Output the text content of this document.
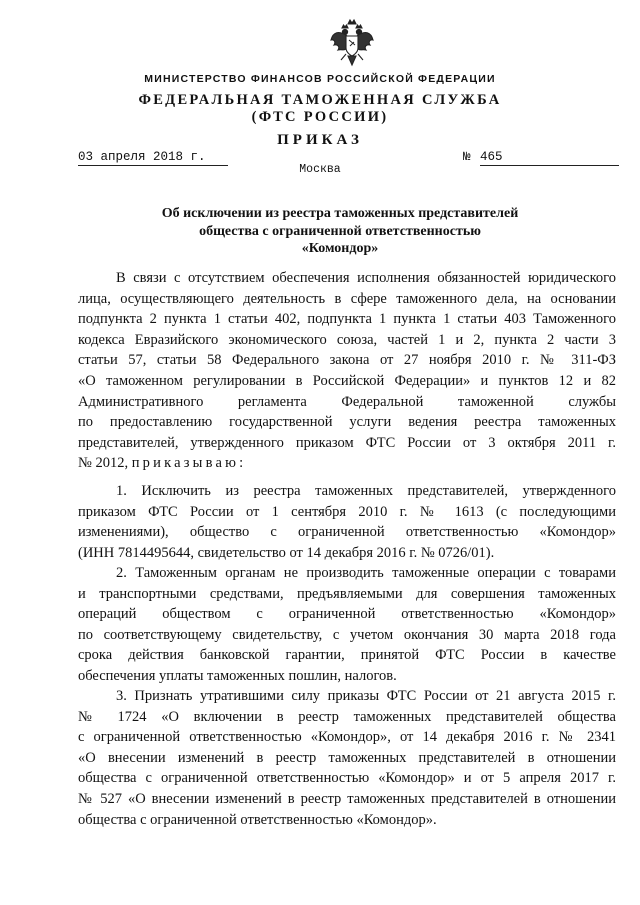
МИНИСТЕРСТВО ФИНАНСОВ РОССИЙСКОЙ ФЕДЕРАЦИИ
ФЕДЕРАЛЬНАЯ ТАМОЖЕННАЯ СЛУЖБА
(ФТС РОССИИ)
ПРИКАЗ
03 апреля 2018 г.	№ 465
Москва
Об исключении из реестра таможенных представителей
общества с ограниченной ответственностью
«Комондор»
В связи с отсутствием обеспечения исполнения обязанностей юридического
лица, осуществляющего деятельность в сфере таможенного дела, на основании
подпункта 2 пункта 1 статьи 402, подпункта 1 пункта 1 статьи 403 Таможенного
кодекса Евразийского экономического союза, частей 1 и 2, пункта 2 части 3
статьи 57, статьи 58 Федерального закона от 27 ноября 2010 г. № 311-ФЗ
«О таможенном регулировании в Российской Федерации» и пунктов 12 и 82
Административного регламента Федеральной таможенной службы
по предоставлению государственной услуги ведения реестра таможенных
представителей, утвержденного приказом ФТС России от 3 октября 2011 г.
№ 2012, приказываю:
1. Исключить из реестра таможенных представителей, утвержденного
приказом ФТС России от 1 сентября 2010 г. № 1613 (с последующими
изменениями), общество с ограниченной ответственностью «Комондор»
(ИНН 7814495644, свидетельство от 14 декабря 2016 г. № 0726/01).
2. Таможенным органам не производить таможенные операции с товарами
и транспортными средствами, предъявляемыми для совершения таможенных
операций обществом с ограниченной ответственностью «Комондор»
по соответствующему свидетельству, с учетом окончания 30 марта 2018 года
срока действия банковской гарантии, принятой ФТС России в качестве
обеспечения уплаты таможенных пошлин, налогов.
3. Признать утратившими силу приказы ФТС России от 21 августа 2015 г.
№ 1724 «О включении в реестр таможенных представителей общества
с ограниченной ответственностью «Комондор», от 14 декабря 2016 г. № 2341
«О внесении изменений в реестр таможенных представителей в отношении
общества с ограниченной ответственностью «Комондор» и от 5 апреля 2017 г.
№ 527 «О внесении изменений в реестр таможенных представителей в отношении
общества с ограниченной ответственностью «Комондор».
